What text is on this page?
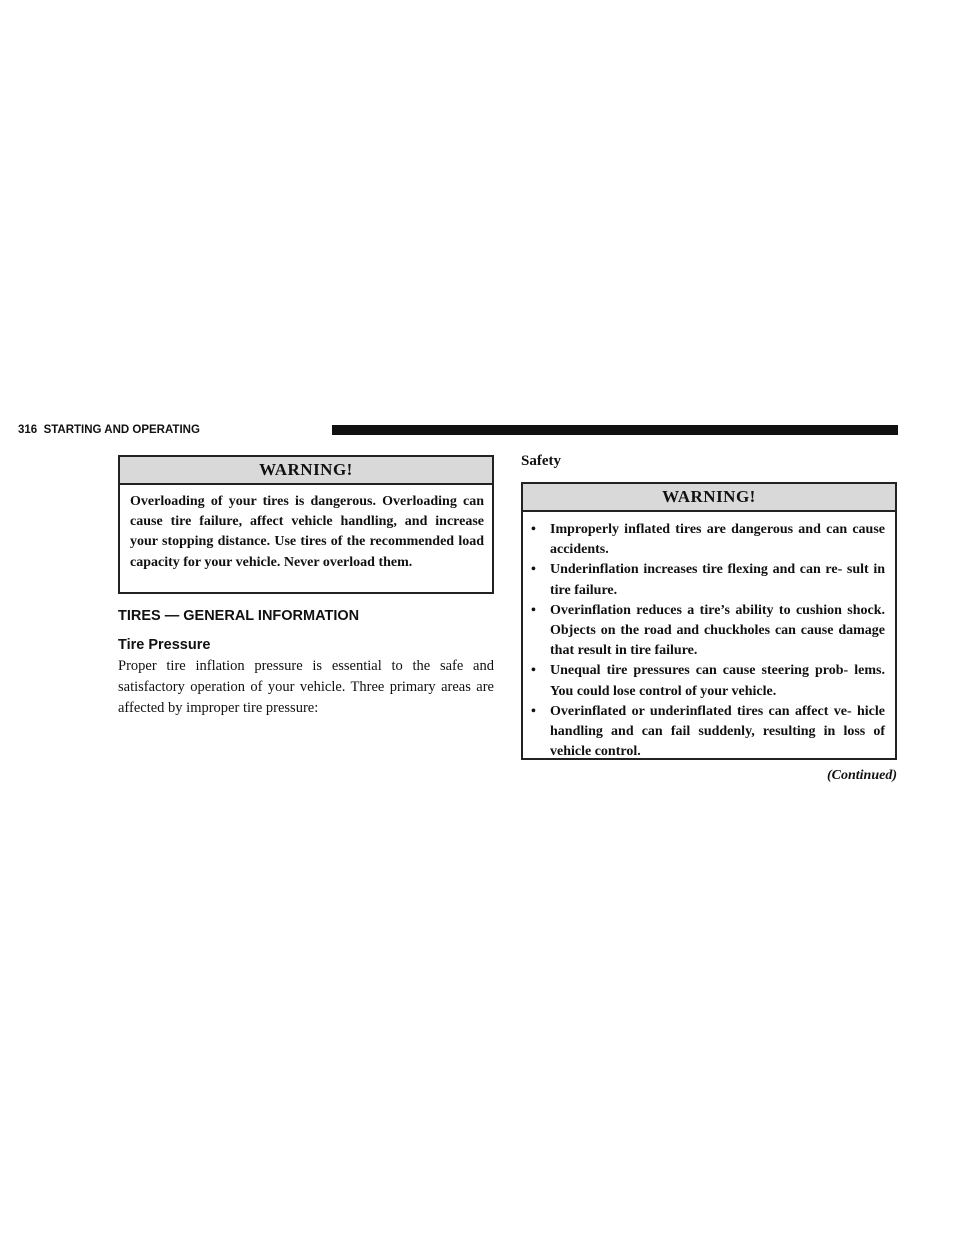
316 STARTING AND OPERATING
WARNING!
Overloading of your tires is dangerous. Overloading can cause tire failure, affect vehicle handling, and increase your stopping distance. Use tires of the recommended load capacity for your vehicle. Never overload them.
TIRES — GENERAL INFORMATION
Tire Pressure

Proper tire inflation pressure is essential to the safe and satisfactory operation of your vehicle. Three primary areas are affected by improper tire pressure:

Safety
WARNING!
• Improperly inflated tires are dangerous and can cause accidents.
• Underinflation increases tire flexing and can re- sult in tire failure.
• Overinflation reduces a tire’s ability to cushion shock. Objects on the road and chuckholes can cause damage that result in tire failure.
• Unequal tire pressures can cause steering prob- lems. You could lose control of your vehicle.
• Overinflated or underinflated tires can affect ve- hicle handling and can fail suddenly, resulting in loss of vehicle control.
(Continued)
